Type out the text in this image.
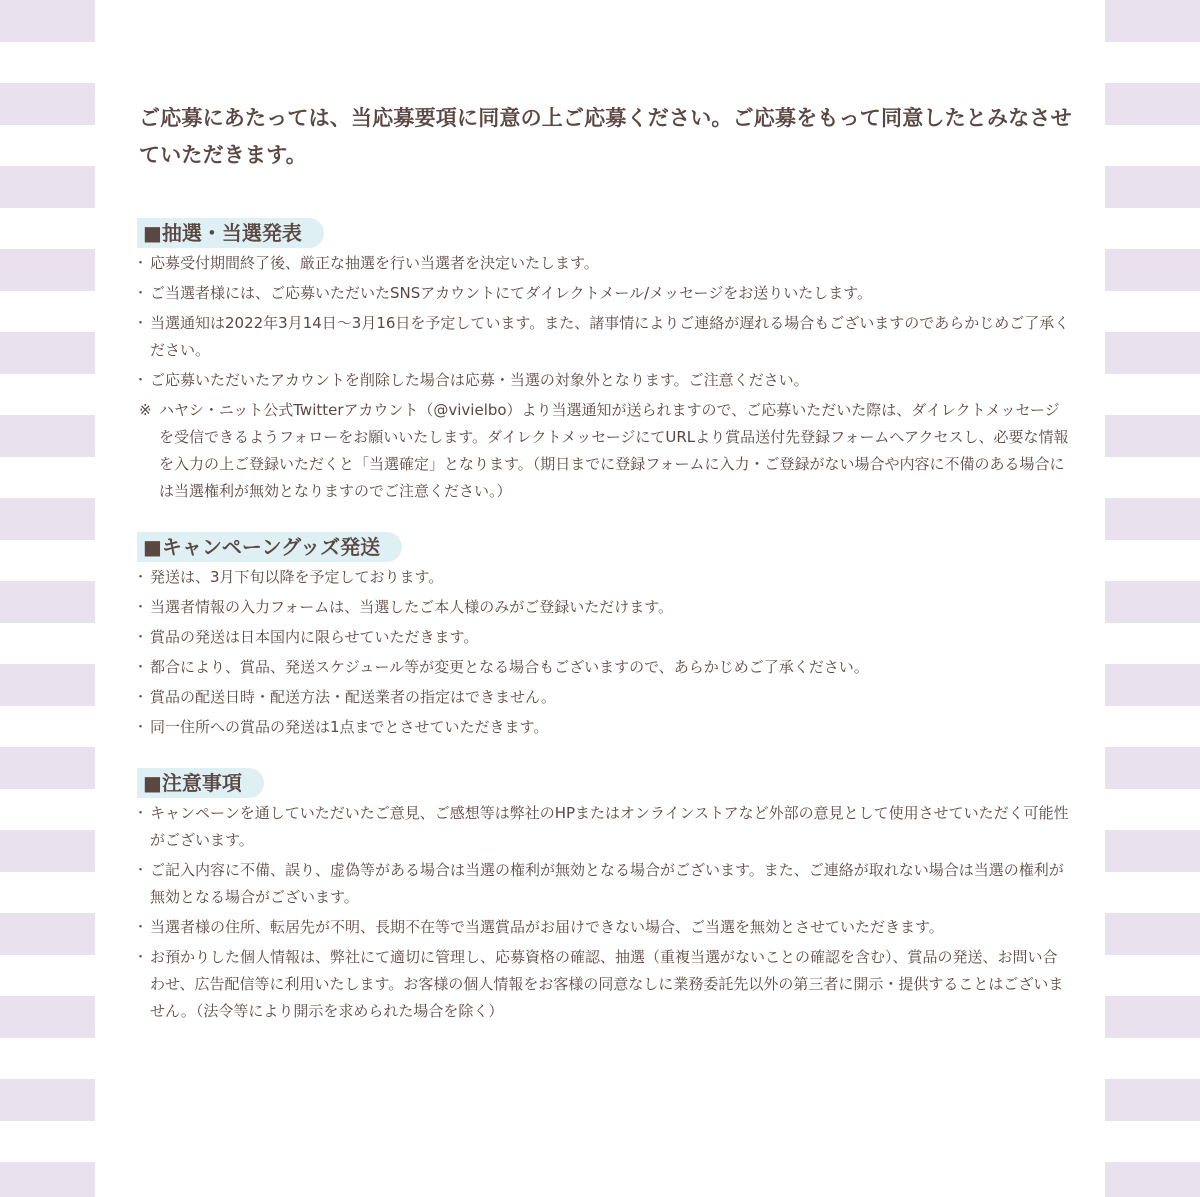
ご応募にあたっては、当応募要項に同意の上ご応募ください。ご応募をもって同意したとみなさせていただきます。

■抽選・当選発表
・ 応募受付期間終了後、厳正な抽選を行い当選者を決定いたします。
・ ご当選者様には、ご応募いただいたSNSアカウントにてダイレクトメール/メッセージをお送りいたします。
・ 当選通知は2022年3月14日〜3月16日を予定しています。また、諸事情によりご連絡が遅れる場合もございますのであらかじめご了承ください。
・ ご応募いただいたアカウントを削除した場合は応募・当選の対象外となります。ご注意ください。
※ ハヤシ・ニット公式Twitterアカウント（@vivielbo）より当選通知が送られますので、ご応募いただいた際は、ダイレクトメッセージを受信できるようフォローをお願いいたします。ダイレクトメッセージにてURLより賞品送付先登録フォームへアクセスし、必要な情報を入力の上ご登録いただくと「当選確定」となります。（期日までに登録フォームに入力・ご登録がない場合や内容に不備のある場合には当選権利が無効となりますのでご注意ください。）
■キャンペーングッズ発送
・ 発送は、3月下旬以降を予定しております。
・ 当選者情報の入力フォームは、当選したご本人様のみがご登録いただけます。
・ 賞品の発送は日本国内に限らせていただきます。
・ 都合により、賞品、発送スケジュール等が変更となる場合もございますので、あらかじめご了承ください。
・ 賞品の配送日時・配送方法・配送業者の指定はできません。
・ 同一住所への賞品の発送は1点までとさせていただきます。
■注意事項
・ キャンペーンを通していただいたご意見、ご感想等は弊社のHPまたはオンラインストアなど外部の意見として使用させていただく可能性がございます。
・ ご記入内容に不備、誤り、虚偽等がある場合は当選の権利が無効となる場合がございます。また、ご連絡が取れない場合は当選の権利が無効となる場合がございます。
・ 当選者様の住所、転居先が不明、長期不在等で当選賞品がお届けできない場合、ご当選を無効とさせていただきます。
・ お預かりした個人情報は、弊社にて適切に管理し、応募資格の確認、抽選（重複当選がないことの確認を含む）、賞品の発送、お問い合わせ、広告配信等に利用いたします。お客様の個人情報をお客様の同意なしに業務委託先以外の第三者に開示・提供することはございません。（法令等により開示を求められた場合を除く）
